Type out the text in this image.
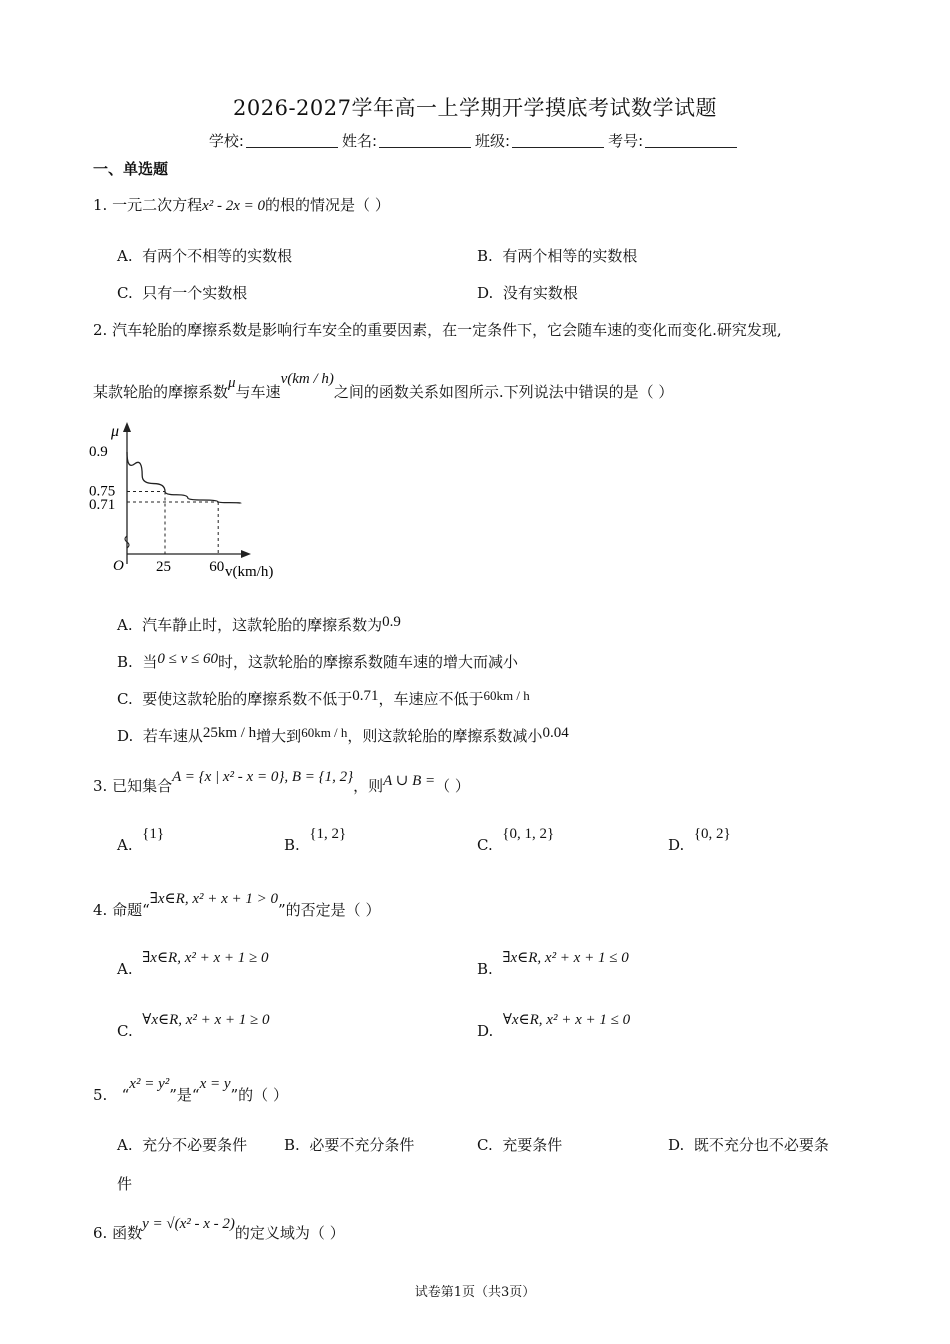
2026-2027学年高一上学期开学摸底考试数学试题
学校:	姓名:	班级:	考号:
一、单选题
1. 一元二次方程x² - 2x = 0的根的情况是（ ）
A. 有两个不相等的实数根	B. 有两个相等的实数根
C. 只有一个实数根	D. 没有实数根
2. 汽车轮胎的摩擦系数是影响行车安全的重要因素，在一定条件下，它会随车速的变化而变化.研究发现,
某款轮胎的摩擦系数μ与车速v(km / h)之间的函数关系如图所示.下列说法中错误的是（ ）
μ
v(km/h)
O 25	60
0.9
0.75
0.71
A. 汽车静止时，这款轮胎的摩擦系数为0.9
B. 当0 ≤ v ≤ 60时，这款轮胎的摩擦系数随车速的增大而减小
C. 要使这款轮胎的摩擦系数不低于0.71，车速应不低于60km / h
D. 若车速从25km / h增大到60km / h，则这款轮胎的摩擦系数减小0.04
3. 已知集合A = {x | x² - x = 0}, B = {1, 2}，则A ∪ B =（ ）
A.  {1}
B.  {1, 2}
C.  {0, 1, 2}
D.  {0, 2}
4. 命题“∃x∈R, x² + x + 1 > 0”的否定是（ ）
A.  ∃x∈R, x² + x + 1 ≥ 0
B.  ∃x∈R, x² + x + 1 ≤ 0
C.  ∀x∈R, x² + x + 1 ≥ 0
D.  ∀x∈R, x² + x + 1 ≤ 0
5. “x² = y²”是“x = y”的（ ）
A. 充分不必要条件 B. 必要不充分条件	C. 充要条件	D. 既不充分也不必要条
件
6. 函数y = √(x² - x - 2)的定义域为（ ）
试卷第1页（共3页）
